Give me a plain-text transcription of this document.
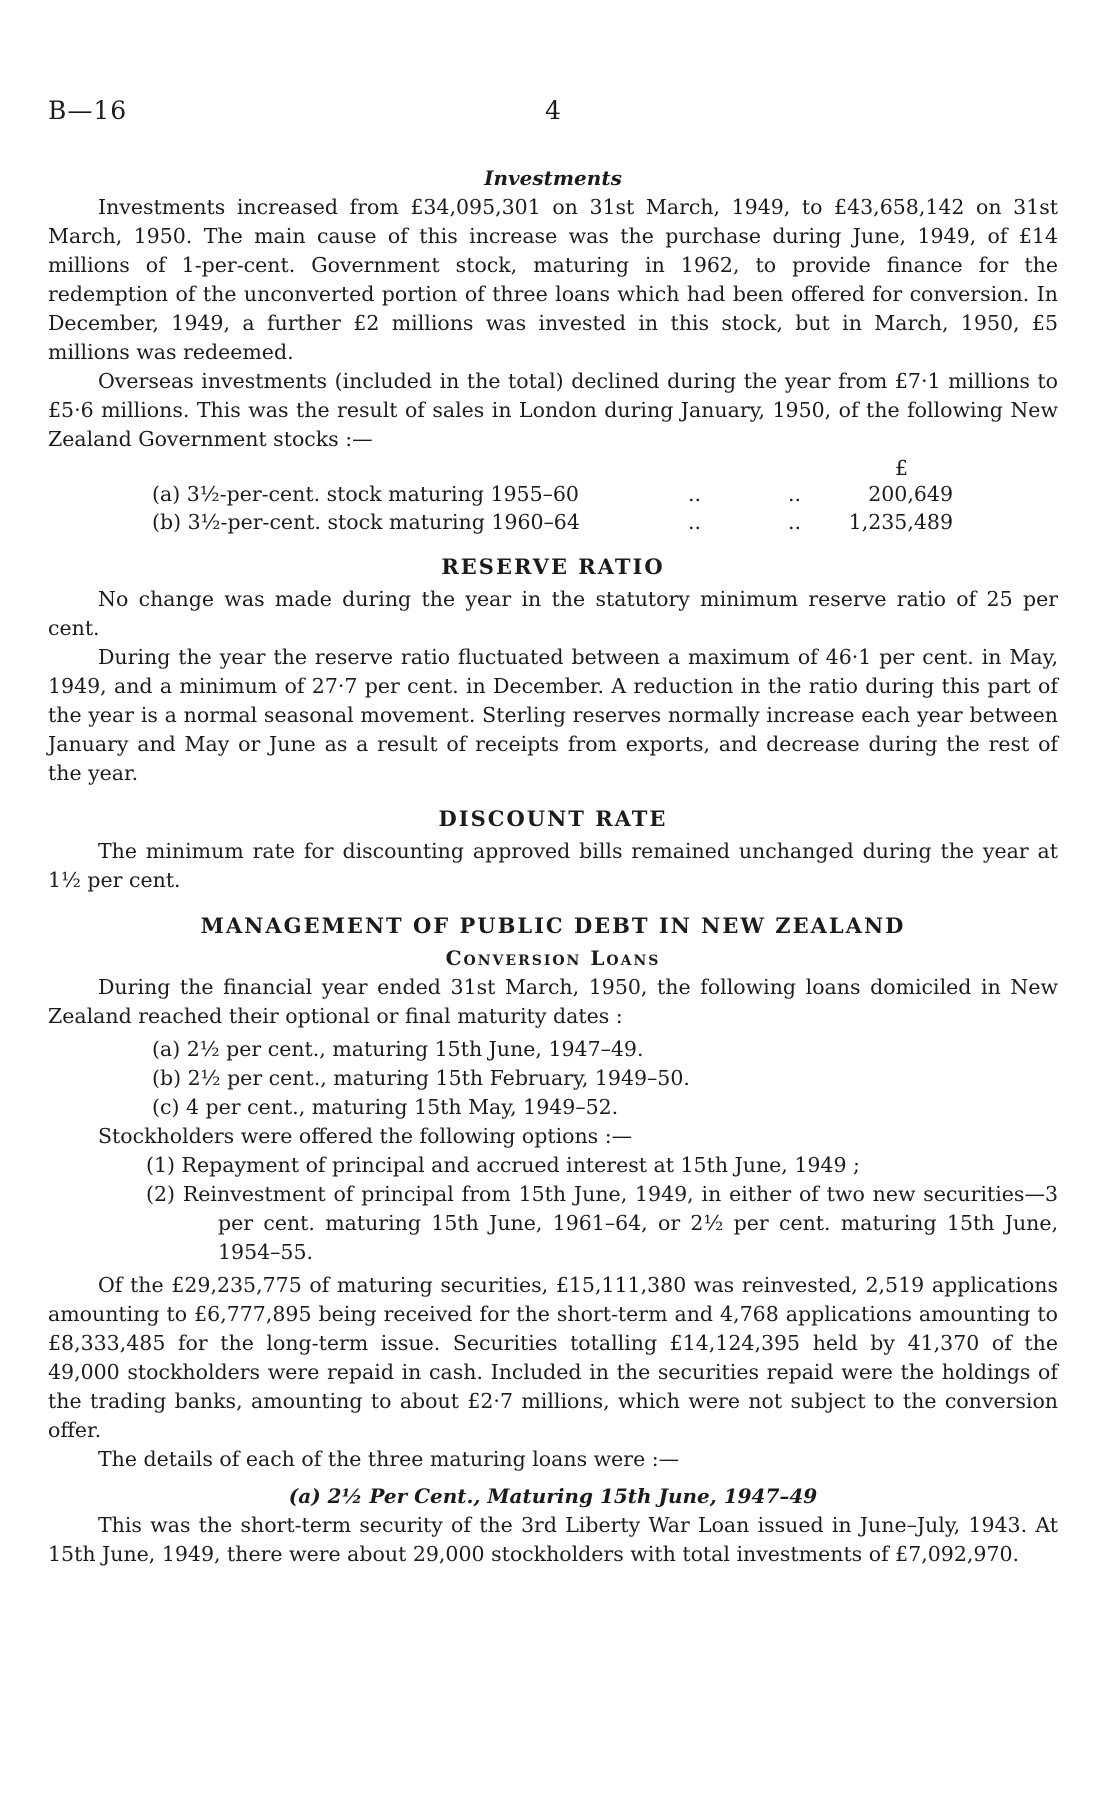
B—16	4
Investments

Investments increased from £34,095,301 on 31st March, 1949, to £43,658,142 on 31st March, 1950. The main cause of this increase was the purchase during June, 1949, of £14 millions of 1-per-cent. Government stock, maturing in 1962, to provide finance for the redemption of the unconverted portion of three loans which had been offered for conversion. In December, 1949, a further £2 millions was invested in this stock, but in March, 1950, £5 millions was redeemed.

Overseas investments (included in the total) declined during the year from £7·1 millions to £5·6 millions. This was the result of sales in London during January, 1950, of the following New Zealand Government stocks :—

£
(a) 3½-per-cent. stock maturing 1955–60	..	..	200,649
(b) 3½-per-cent. stock maturing 1960–64	..	.. 1,235,489
RESERVE RATIO

No change was made during the year in the statutory minimum reserve ratio of 25 per cent.

During the year the reserve ratio fluctuated between a maximum of 46·1 per cent. in May, 1949, and a minimum of 27·7 per cent. in December. A reduction in the ratio during this part of the year is a normal seasonal movement. Sterling reserves normally increase each year between January and May or June as a result of receipts from exports, and decrease during the rest of the year.

DISCOUNT RATE

The minimum rate for discounting approved bills remained unchanged during the year at 1½ per cent.

MANAGEMENT OF PUBLIC DEBT IN NEW ZEALAND
Conversion Loans

During the financial year ended 31st March, 1950, the following loans domiciled in New Zealand reached their optional or final maturity dates :

(a) 2½ per cent., maturing 15th June, 1947–49.

(b) 2½ per cent., maturing 15th February, 1949–50.

(c) 4 per cent., maturing 15th May, 1949–52.

Stockholders were offered the following options :—

(1) Repayment of principal and accrued interest at 15th June, 1949 ;

(2) Reinvestment of principal from 15th June, 1949, in either of two new securities—3 per cent. maturing 15th June, 1961–64, or 2½ per cent. maturing 15th June, 1954–55.

Of the £29,235,775 of maturing securities, £15,111,380 was reinvested, 2,519 applications amounting to £6,777,895 being received for the short-term and 4,768 applications amounting to £8,333,485 for the long-term issue. Securities totalling £14,124,395 held by 41,370 of the 49,000 stockholders were repaid in cash. Included in the securities repaid were the holdings of the trading banks, amounting to about £2·7 millions, which were not subject to the conversion offer.

The details of each of the three maturing loans were :—

(a) 2½ Per Cent., Maturing 15th June, 1947–49

This was the short-term security of the 3rd Liberty War Loan issued in June–July, 1943. At 15th June, 1949, there were about 29,000 stockholders with total investments of £7,092,970.
